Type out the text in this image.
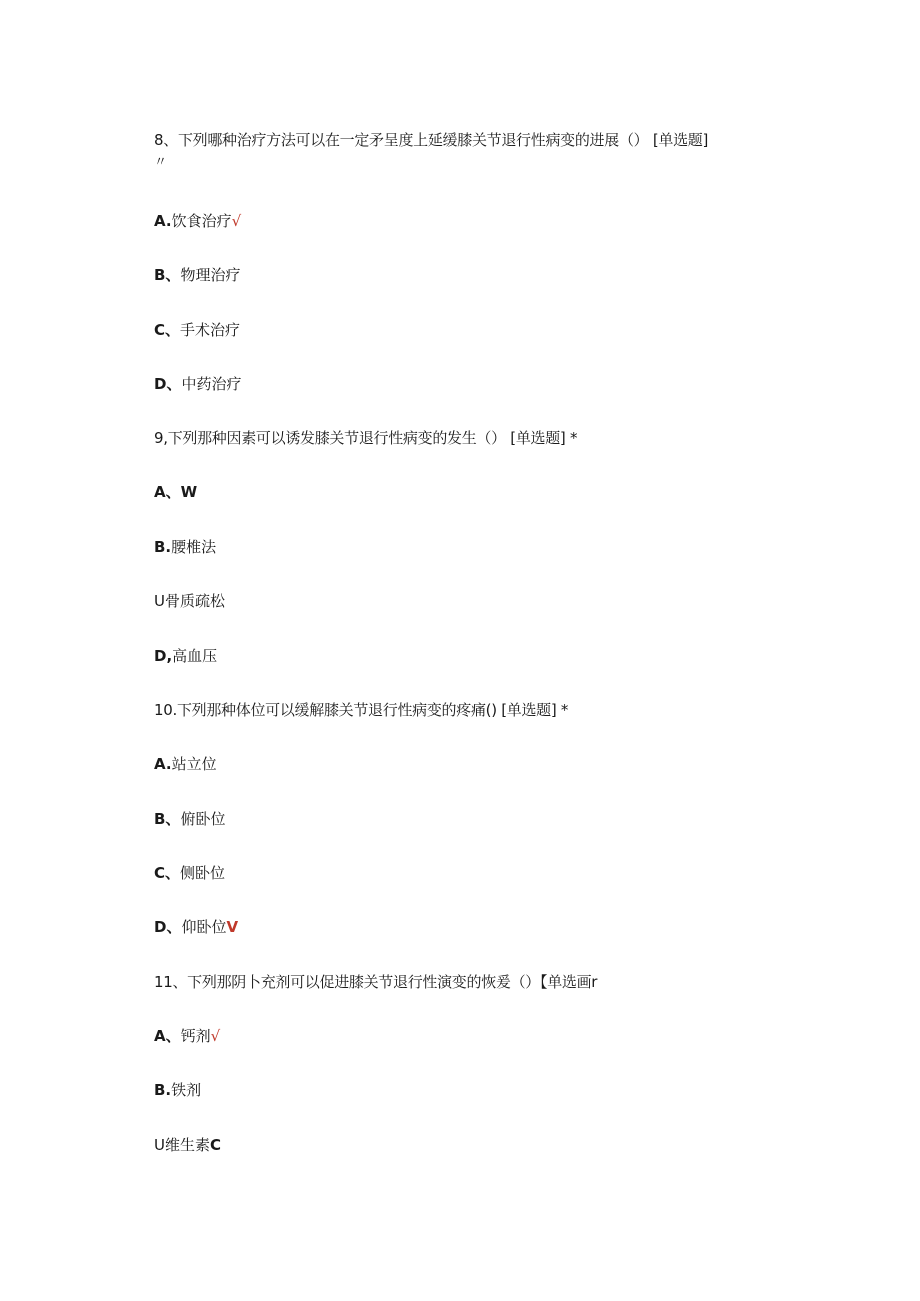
8、下列哪种治疗方法可以在一定矛呈度上延缓膝关节退行性病变的进展（） [单选题]
〃
A.饮食治疗√
B、物理治疗
C、手术治疗
D、中药治疗
9,下列那种因素可以诱发膝关节退行性病变的发生（） [单选题] *
A、W
B.腰椎法
U骨质疏松
D,高血压
10.下列那种体位可以缓解膝关节退行性病变的疼痛() [单选题] *
A.站立位
B、俯卧位
C、侧卧位
D、仰卧位V
11、下列那阴卜充剂可以促进膝关节退行性演变的恢爰（）【单选画r
A、钙剂√
B.铁剂
U维生素C
